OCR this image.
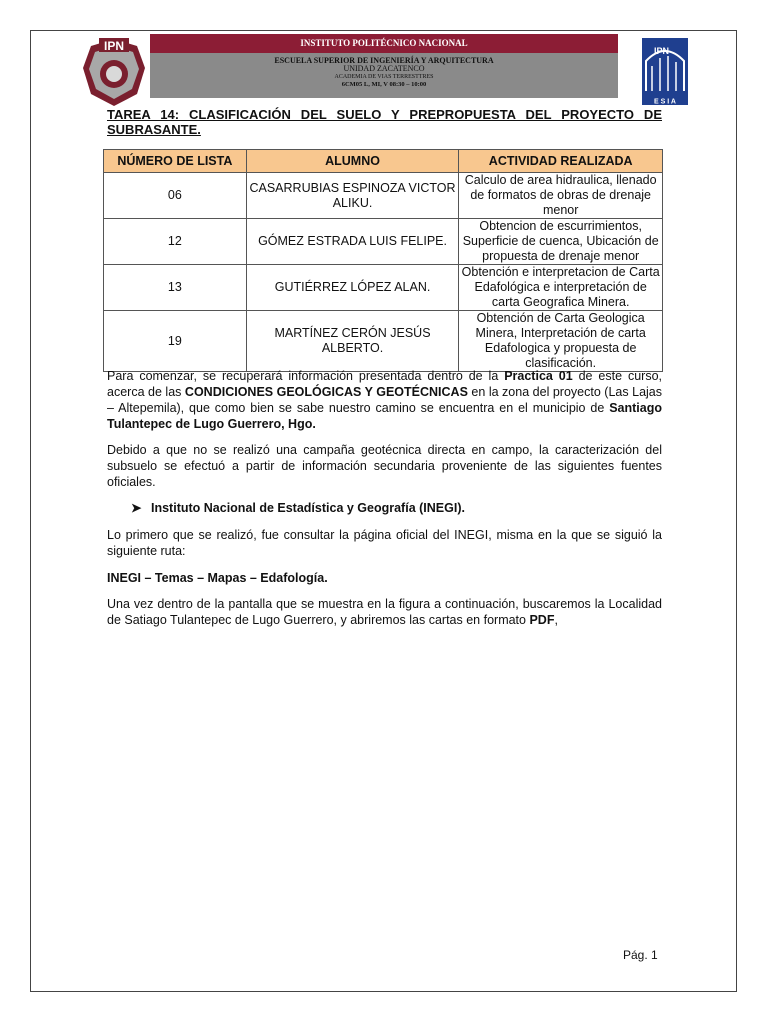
IPN	IPN
E S I A
INSTITUTO POLITÉCNICO NACIONAL
ESCUELA SUPERIOR DE INGENIERÍA Y ARQUITECTURA
UNIDAD ZACATENCO
ACADEMIA DE VIAS TERRESTTRES
6CM05 L, MI, V 08:30 – 10:00
TAREA 14: CLASIFICACIÓN DEL SUELO Y PREPROPUESTA DEL PROYECTO DE
SUBRASANTE.
NÚMERO DE LISTA	ALUMNO	ACTIVIDAD REALIZADA
06	CASARRUBIAS ESPINOZA VICTOR ALIKU.	Calculo de area hidraulica, llenado de formatos de obras de drenaje menor
12	GÓMEZ ESTRADA LUIS FELIPE.	Obtencion de escurrimientos, Superficie de cuenca, Ubicación de propuesta de drenaje menor
13	GUTIÉRREZ LÓPEZ ALAN.	Obtención e interpretacion de Carta Edafológica e interpretación de carta Geografica Minera.
19	MARTÍNEZ CERÓN JESÚS ALBERTO.	Obtención de Carta Geologica Minera, Interpretación de carta Edafologica y propuesta de clasificación.
Para comenzar, se recuperará información presentada dentro de la Practica 01 de este curso, acerca de las CONDICIONES GEOLÓGICAS Y GEOTÉCNICAS en la zona del proyecto (Las Lajas – Altepemila), que como bien se sabe nuestro camino se encuentra en el municipio de Santiago Tulantepec de Lugo Guerrero, Hgo.
Debido a que no se realizó una campaña geotécnica directa en campo, la caracterización del subsuelo se efectuó a partir de información secundaria proveniente de las siguientes fuentes oficiales.
➤ Instituto Nacional de Estadística y Geografía (INEGI).
Lo primero que se realizó, fue consultar la página oficial del INEGI, misma en la que se siguió la siguiente ruta:
INEGI – Temas – Mapas – Edafología.
Una vez dentro de la pantalla que se muestra en la figura a continuación, buscaremos la Localidad de Satiago Tulantepec de Lugo Guerrero, y abriremos las cartas en formato PDF,
Pág. 1
